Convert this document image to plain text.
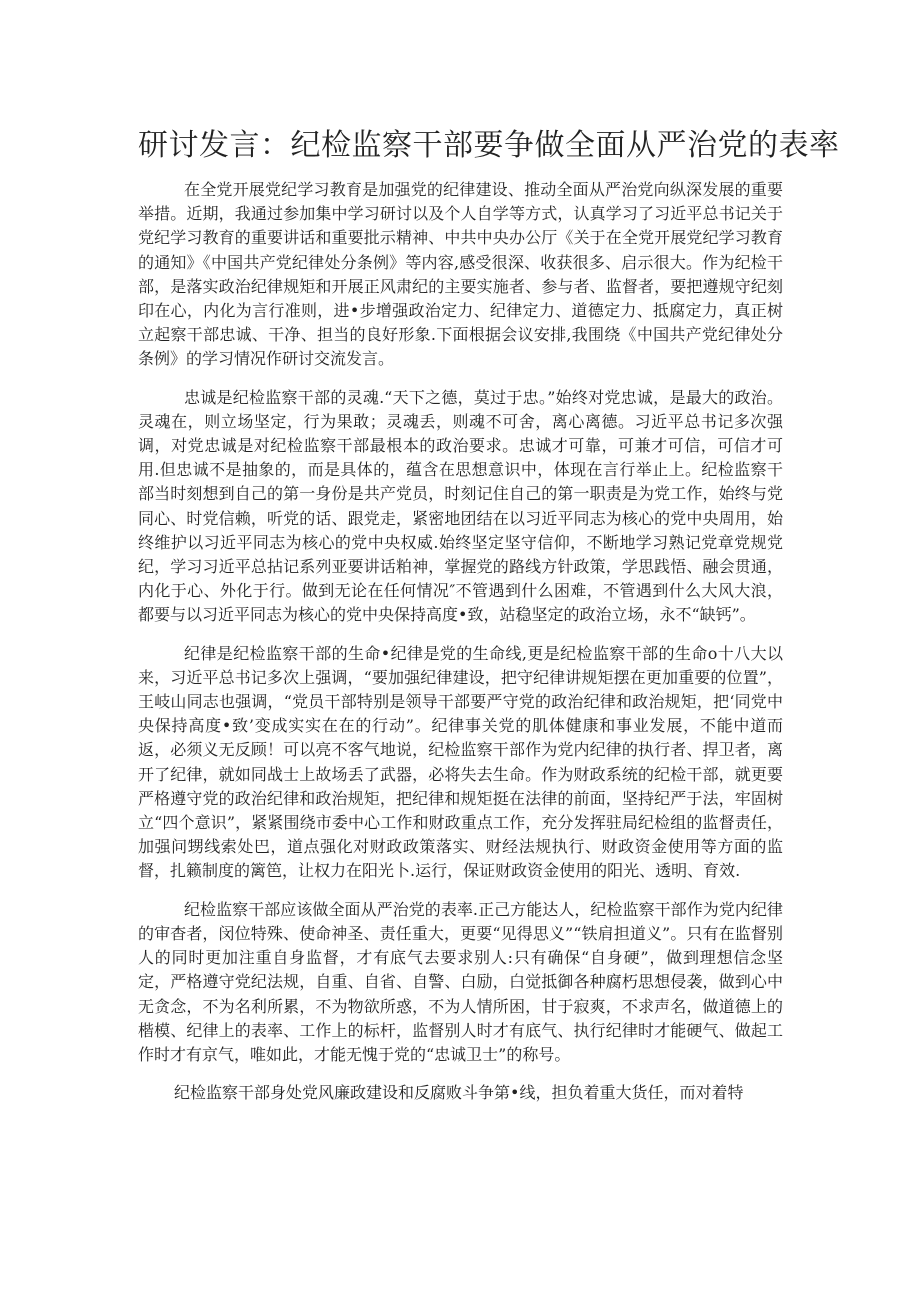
研讨发言：纪检监察干部要争做全面从严治党的表率

在全党开展党纪学习教育是加强党的纪律建设、推动全面从严治党向纵深发展的重要举措。近期，我通过参加集中学习研讨以及个人自学等方式，认真学习了习近平总书记关于党纪学习教育的重要讲话和重要批示精神、中共中央办公厅《关于在全党开展党纪学习教育的通知》《中国共产党纪律处分条例》等内容,感受很深、收获很多、启示很大。作为纪检干部，是落实政治纪律规矩和开展正风肃纪的主要实施者、参与者、监督者，要把遵规守纪刻印在心，内化为言行准则，进•步增强政治定力、纪律定力、道德定力、抵腐定力，真正树立起察干部忠诚、干净、担当的良好形象.下面根据会议安排,我围绕《中国共产党纪律处分条例》的学习情况作研讨交流发言。

忠诚是纪检监察干部的灵魂.“天下之德，莫过于忠。”始终对党忠诚，是最大的政治。灵魂在，则立场坚定，行为果敢；灵魂丢，则魂不可舍，离心离德。习近平总书记多次强调，对党忠诚是对纪检监察干部最根本的政治要求。忠诚才可靠，可兼才可信，可信才可用.但忠诚不是抽象的，而是具体的，蕴含在思想意识中，体现在言行举止上。纪检监察干部当时刻想到自己的第一身份是共产党员，时刻记住自己的第一职责是为党工作，始终与党同心、时党信赖，听党的话、跟党走，紧密地团结在以习近平同志为核心的党中央周用，始终维护以习近平同志为核心的党中央权威.始终坚定坚守信仰，不断地学习熟记党章党规党纪，学习习近平总拈记系列亚要讲话粕神，掌握党的路线方针政策，学思践悟、融会贯通，内化于心、外化于行。做到无论在任何情况″不管遇到什么困难，不管遇到什么大风大浪，都要与以习近平同志为核心的党中央保持高度•致，站稳坚定的政治立场，永不“缺钙”。

纪律是纪检监察干部的生命•纪律是党的生命线,更是纪检监察干部的生命o十八大以来，习近平总书记多次上强调，“要加强纪律建设，把守纪律讲规矩摆在更加重要的位置”，王岐山同志也强调，“党员干部特别是领导干部要严守党的政治纪律和政治规矩，把‘同党中央保持高度•致’变成实实在在的行动”。纪律事关党的肌体健康和事业发展，不能中道而返，必须义无反顾！可以亮不客气地说，纪检监察干部作为党内纪律的执行者、捍卫者，离开了纪律，就如同战士上故场丢了武器，必将失去生命。作为财政系统的纪检干部，就更要严格遵守党的政治纪律和政治规矩，把纪律和规矩挺在法律的前面，坚持纪严于法，牢固树立“四个意识”，紧紧围绕市委中心工作和财政重点工作，充分发挥驻局纪检组的监督责任，加强问甥线索处巴，道点强化对财政政策落实、财经法规执行、财政资金使用等方面的监督，扎籁制度的篱笆，让权力在阳光卜.运行，保证财政资金使用的阳光、透明、育效.

纪检监察干部应该做全面从严治党的表率.正己方能达人，纪检监察干部作为党内纪律的审杳者，闵位特殊、使命神圣、责任重大，更要“见得思义”“铁肩担道义”。只有在监督别人的同时更加注重自身监督，才有底气去要求别人:只有确保“自身硬”，做到理想信念坚定，严格遵守党纪法规，自重、自省、自警、白励，白觉抵御各种腐朽思想侵袭，做到心中无贪念，不为名利所累，不为物欲所惑，不为人情所困，甘于寂爽，不求声名，做道德上的楷模、纪律上的表率、工作上的标杆，监督别人时才有底气、执行纪律时才能硬气、做起工作时才有京气，唯如此，才能无愧于党的“忠诚卫士”的称号。

纪检监察干部身处党风廉政建设和反腐败斗争第•线，担负着重大货任，而对着特
